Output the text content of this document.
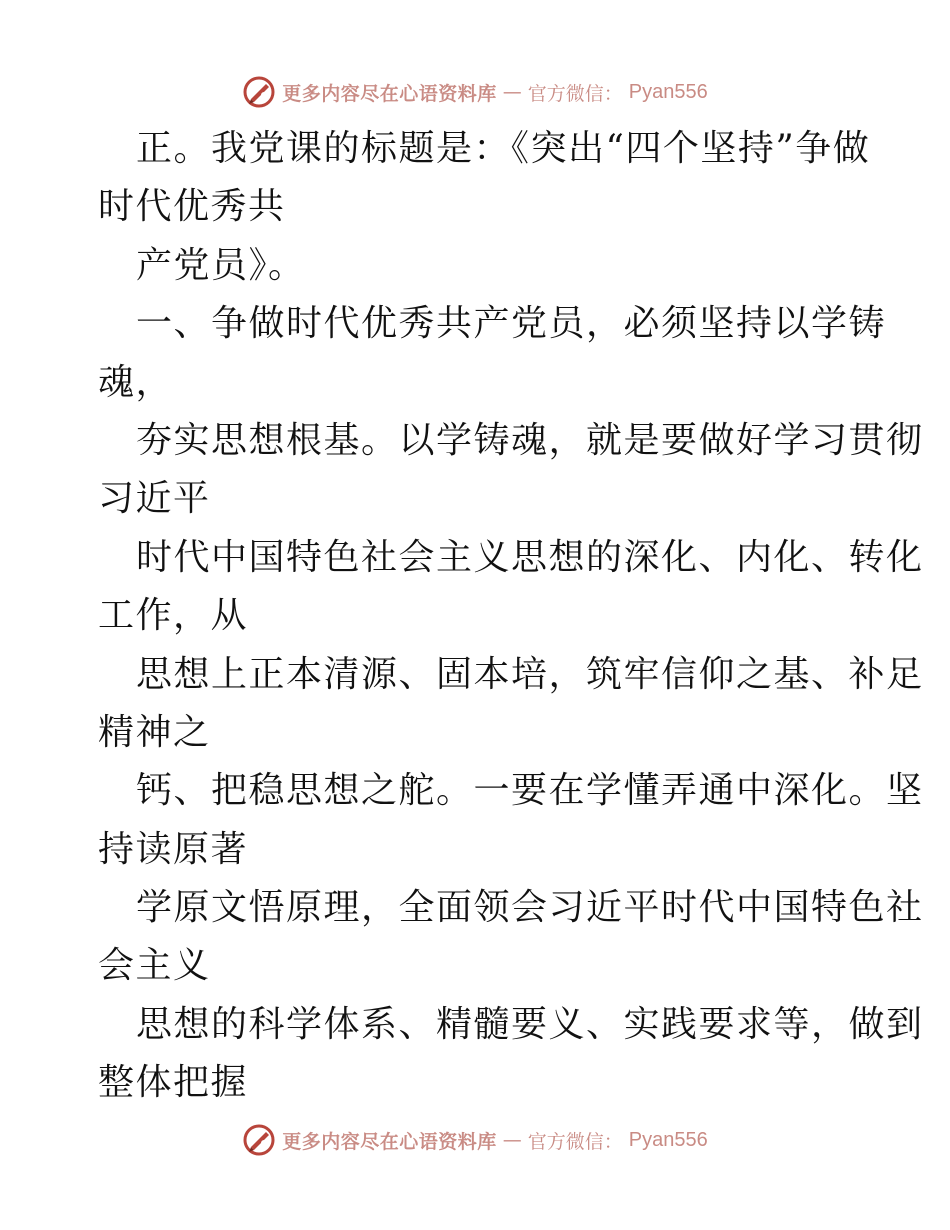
更多内容尽在心语资料库 — 官方微信： Pyan556
正。我党课的标题是：《突出“四个坚持”争做
时代优秀共
产党员》。
一、争做时代优秀共产党员，必须坚持以学铸
魂，
夯实思想根基。以学铸魂，就是要做好学习贯彻
习近平
时代中国特色社会主义思想的深化、内化、转化
工作，从
思想上正本清源、固本培，筑牢信仰之基、补足
精神之
钙、把稳思想之舵。一要在学懂弄通中深化。坚
持读原著
学原文悟原理，全面领会习近平时代中国特色社
会主义
思想的科学体系、精髓要义、实践要求等，做到
整体把握
更多内容尽在心语资料库 — 官方微信： Pyan556
